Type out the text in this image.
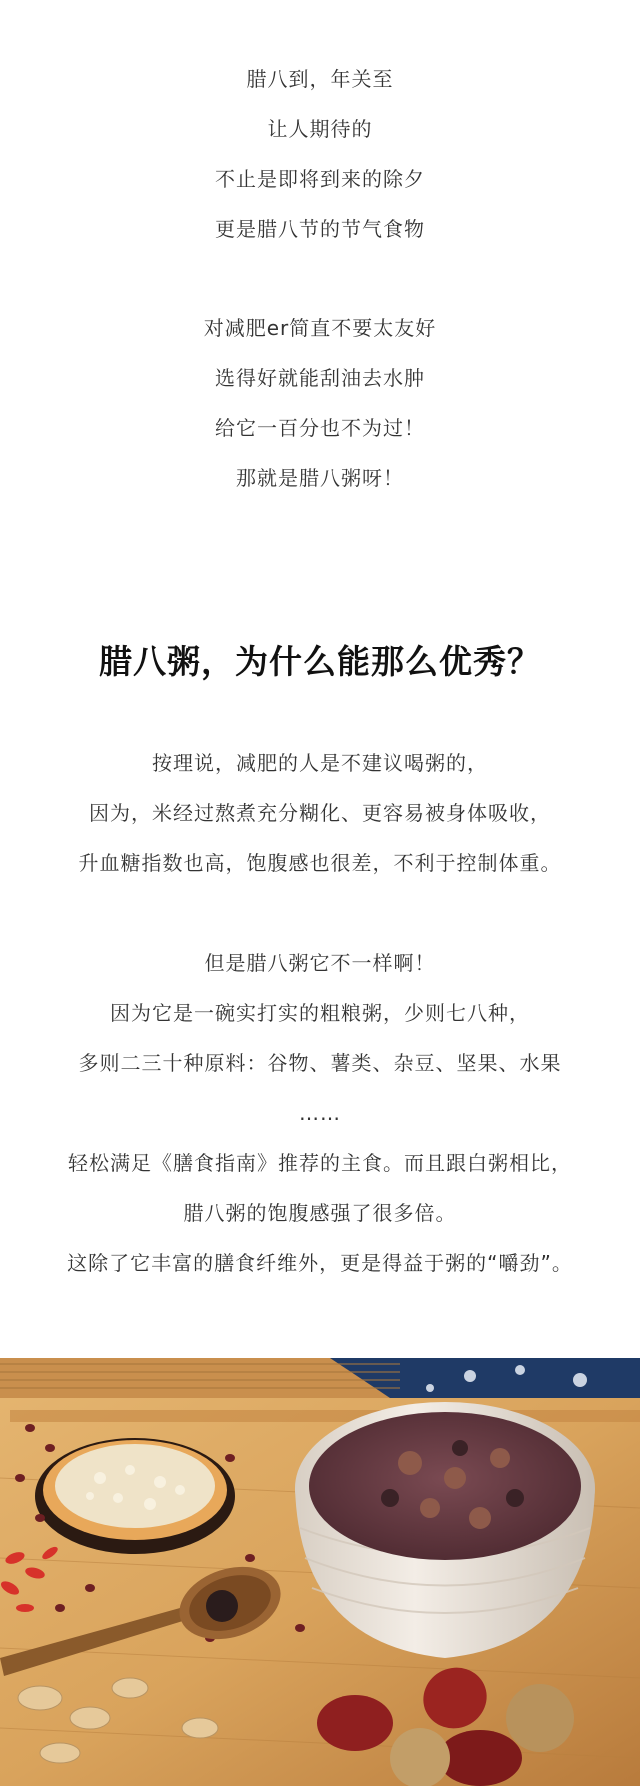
腊八到，年关至
让人期待的
不止是即将到来的除夕
更是腊八节的节气食物
对减肥er简直不要太友好
选得好就能刮油去水肿
给它一百分也不为过！
那就是腊八粥呀！
腊八粥，为什么能那么优秀？
按理说，减肥的人是不建议喝粥的，
因为，米经过熬煮充分糊化、更容易被身体吸收，
升血糖指数也高，饱腹感也很差，不利于控制体重。
但是腊八粥它不一样啊！
因为它是一碗实打实的粗粮粥，少则七八种，
多则二三十种原料：谷物、薯类、杂豆、坚果、水果
……
轻松满足《膳食指南》推荐的主食。而且跟白粥相比，
腊八粥的饱腹感强了很多倍。
这除了它丰富的膳食纤维外，更是得益于粥的“嚼劲”。
